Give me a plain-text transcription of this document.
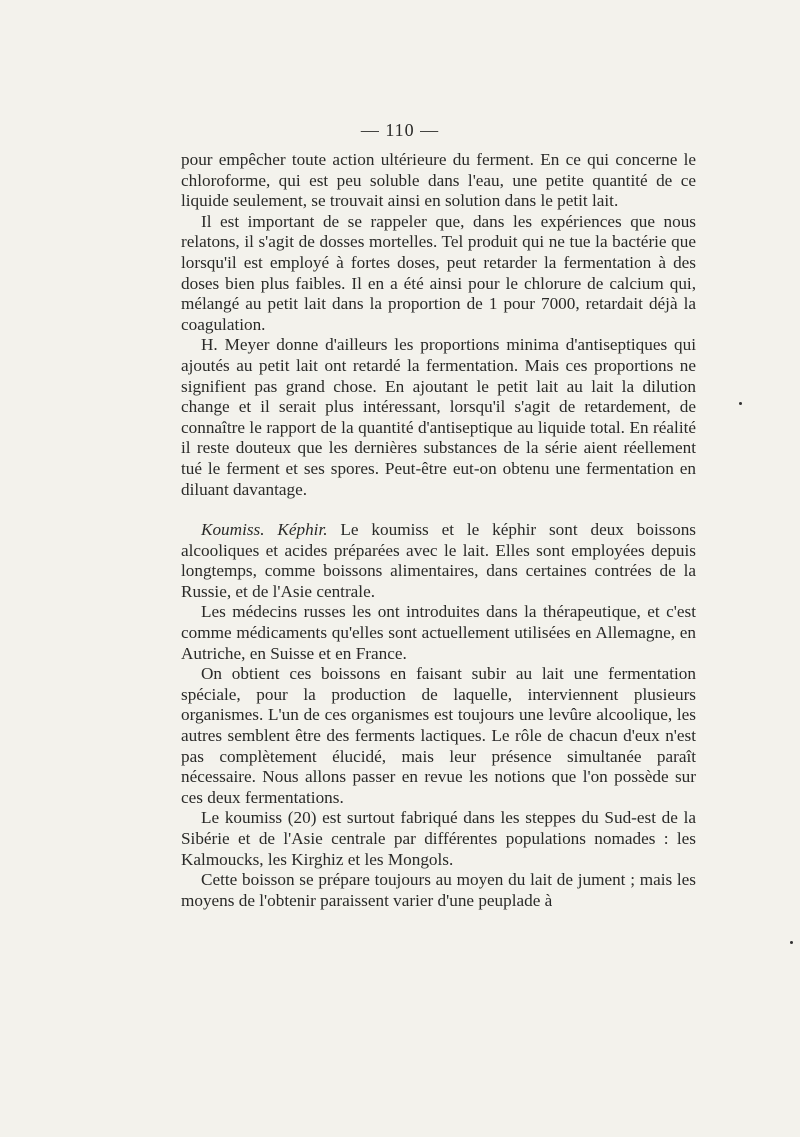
— 110 —

pour empêcher toute action ultérieure du ferment. En ce qui concerne le chloroforme, qui est peu soluble dans l'eau, une petite quantité de ce liquide seulement, se trouvait ainsi en solution dans le petit lait.

Il est important de se rappeler que, dans les expériences que nous relatons, il s'agit de dosses mortelles. Tel produit qui ne tue la bactérie que lorsqu'il est employé à fortes doses, peut retarder la fermentation à des doses bien plus faibles. Il en a été ainsi pour le chlorure de calcium qui, mélangé au petit lait dans la proportion de 1 pour 7000, retardait déjà la coagulation.

H. Meyer donne d'ailleurs les proportions minima d'antiseptiques qui ajoutés au petit lait ont retardé la fermentation. Mais ces proportions ne signifient pas grand chose. En ajoutant le petit lait au lait la dilution change et il serait plus intéressant, lorsqu'il s'agit de retardement, de connaître le rapport de la quantité d'antiseptique au liquide total. En réalité il reste douteux que les dernières substances de la série aient réellement tué le ferment et ses spores. Peut-être eut-on obtenu une fermentation en diluant davantage.

Koumiss. Képhir. Le koumiss et le képhir sont deux boissons alcooliques et acides préparées avec le lait. Elles sont employées depuis longtemps, comme boissons alimentaires, dans certaines contrées de la Russie, et de l'Asie centrale.

Les médecins russes les ont introduites dans la thérapeutique, et c'est comme médicaments qu'elles sont actuellement utilisées en Allemagne, en Autriche, en Suisse et en France.

On obtient ces boissons en faisant subir au lait une fermentation spéciale, pour la production de laquelle, interviennent plusieurs organismes. L'un de ces organismes est toujours une levûre alcoolique, les autres semblent être des ferments lactiques. Le rôle de chacun d'eux n'est pas complètement élucidé, mais leur présence simultanée paraît nécessaire. Nous allons passer en revue les notions que l'on possède sur ces deux fermentations.

Le koumiss (20) est surtout fabriqué dans les steppes du Sud-est de la Sibérie et de l'Asie centrale par différentes populations nomades : les Kalmoucks, les Kirghiz et les Mongols.

Cette boisson se prépare toujours au moyen du lait de jument ; mais les moyens de l'obtenir paraissent varier d'une peuplade à
